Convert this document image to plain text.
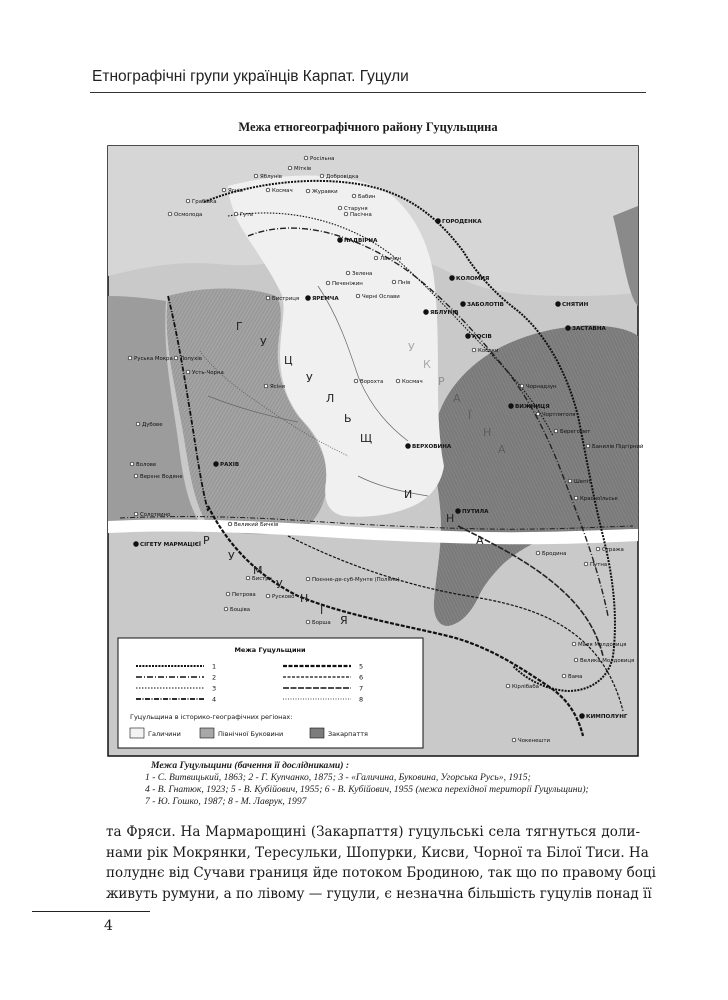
Етнографічні групи українців Карпат. Гуцули
Межа етногеографічного району Гуцульщина
Росільна
Мітків
Яблунів	Добровідка
Яснів	Космач	Журавки
Бабин
Грабівка
Старуня
Осмолода	Гута	Пасічна
ГОРОДЕНКА
НАДВІРНА
Ланчин
Зелена
КОЛОМИЯ
Пнів
Печеніжин
ЯРЕМЧА
Бистриця	Черні Ослави
ЗАБОЛОТІВ
ЯБЛУНІВ
СНЯТИН
ЗАСТАВНА
КОСІВ
Кобаки
Руська Мокра Лопухів
Усть-Чорна
Ворохта	Космач
Чорнадзун
ВИЖНИЦЯ
Чортлятоля
Берегомет
Ясіня
Дубове
ВЕРХОВИНА	Банилів Підгірний
Волове	РАХІВ
Верхнє Водяне
Шепіт
Красноїльськ
Солотвино
Великий Бичків
ПУТИЛА
Бродина
Стража
СІГЕТУ МАРМАЦІЄЇ
Путна
Бистра	Поєнне-де-суб-Мунте (Поляна)
Петрова	Русково
Бощіва
Борша
Маля Молдовиця
Велика Молдовиця
Вама
Кірлібаба
Чокенешти
КИМПОЛУНГ
Р
У
М
У
Н
І
Я
Г
У
Ц
У
Л
Ь
Щ
И
Н
А
У
К
Р
А
Ї
Н
А
Межа Гуцульщини
1
2
3
4
5
6
7
8
Гуцульщина в історико-географічних регіонах:
Галичини	Північної Буковини	Закарпаття
Межа Гуцульщини (бачення її дослідниками) :
1 - С. Витвицький, 1863; 2 - Г. Купчанко, 1875; 3 - «Галичина, Буковина, Угорська Русь», 1915;
4 - В. Гнатюк, 1923; 5 - В. Кубійович, 1955; 6 - В. Кубійович, 1955 (межа перехідної території Гуцульщини);
7 - Ю. Гошко, 1987; 8 - М. Лаврук, 1997
та Фряси. На Мармарощині (Закарпаття) гуцульські села тягнуться доли-
нами рік Мокрянки, Тересульки, Шопурки, Кисви, Чорної та Білої Тиси. На
полуднє від Сучави границя йде потоком Бродиною, так що по правому боці
живуть румуни, а по лівому — гуцули, є незначна більшість гуцулів понад її
4
